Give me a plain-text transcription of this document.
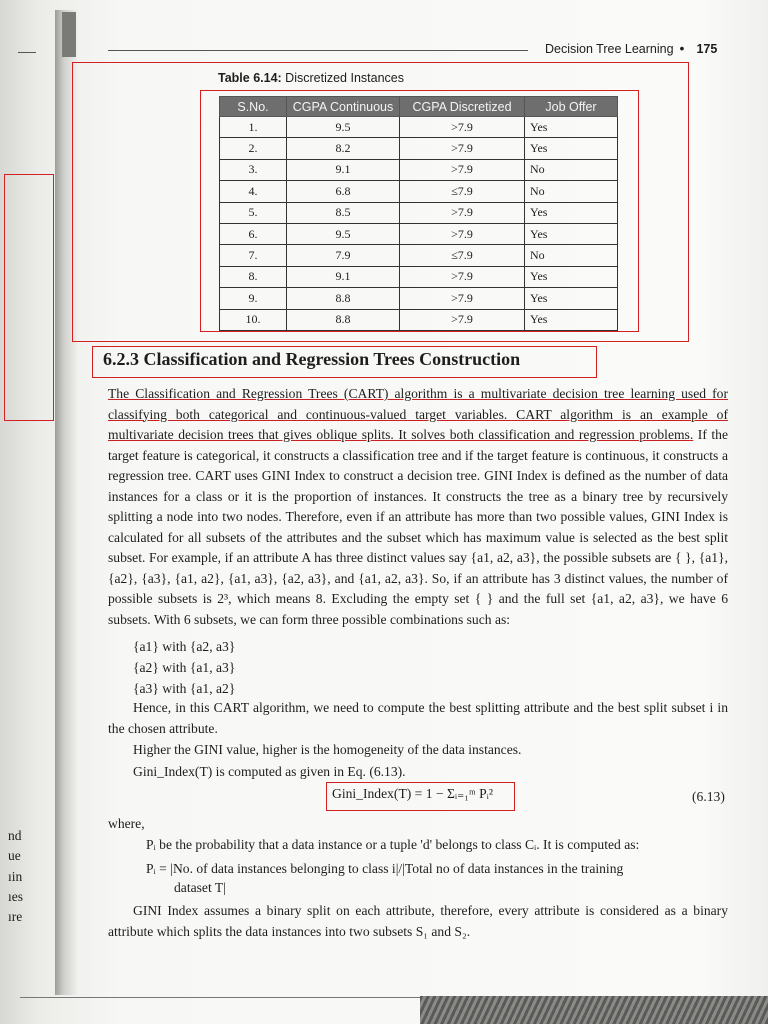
Decision Tree Learning • 175
Table 6.14: Discretized Instances
S.No.	CGPA Continuous	CGPA Discretized	Job Offer
1.	9.5	>7.9	Yes
2.	8.2	>7.9	Yes
3.	9.1	>7.9	No
4.	6.8	≤7.9	No
5.	8.5	>7.9	Yes
6.	9.5	>7.9	Yes
7.	7.9	≤7.9	No
8.	9.1	>7.9	Yes
9.	8.8	>7.9	Yes
10.	8.8	>7.9	Yes
6.2.3 Classification and Regression Trees Construction
The Classification and Regression Trees (CART) algorithm is a multivariate decision tree learning used for classifying both categorical and continuous-valued target variables. CART algorithm is an example of multivariate decision trees that gives oblique splits. It solves both classification and regression problems. If the target feature is categorical, it constructs a classification tree and if the target feature is continuous, it constructs a regression tree. CART uses GINI Index to construct a decision tree. GINI Index is defined as the number of data instances for a class or it is the proportion of instances. It constructs the tree as a binary tree by recursively splitting a node into two nodes. Therefore, even if an attribute has more than two possible values, GINI Index is calculated for all subsets of the attributes and the subset which has maximum value is selected as the best split subset. For example, if an attribute A has three distinct values say {a1, a2, a3}, the possible subsets are { }, {a1}, {a2}, {a3}, {a1, a2}, {a1, a3}, {a2, a3}, and {a1, a2, a3}. So, if an attribute has 3 distinct values, the number of possible subsets is 2³, which means 8. Excluding the empty set { } and the full set {a1, a2, a3}, we have 6 subsets. With 6 subsets, we can form three possible combinations such as:
{a1} with {a2, a3}
{a2} with {a1, a3}
{a3} with {a1, a2}
Hence, in this CART algorithm, we need to compute the best splitting attribute and the best split subset i in the chosen attribute.
Higher the GINI value, higher is the homogeneity of the data instances.
Gini_Index(T) is computed as given in Eq. (6.13).
Gini_Index(T) = 1 − Σᵢ₌₁ᵐ Pᵢ²	(6.13)
where,
Pᵢ be the probability that a data instance or a tuple 'd' belongs to class Cᵢ. It is computed as:
Pᵢ = |No. of data instances belonging to class i|/|Total no of data instances in the training
dataset T|
GINI Index assumes a binary split on each attribute, therefore, every attribute is considered as a binary attribute which splits the data instances into two subsets S₁ and S₂.
nd
ue
ıin
ıes
ıre
